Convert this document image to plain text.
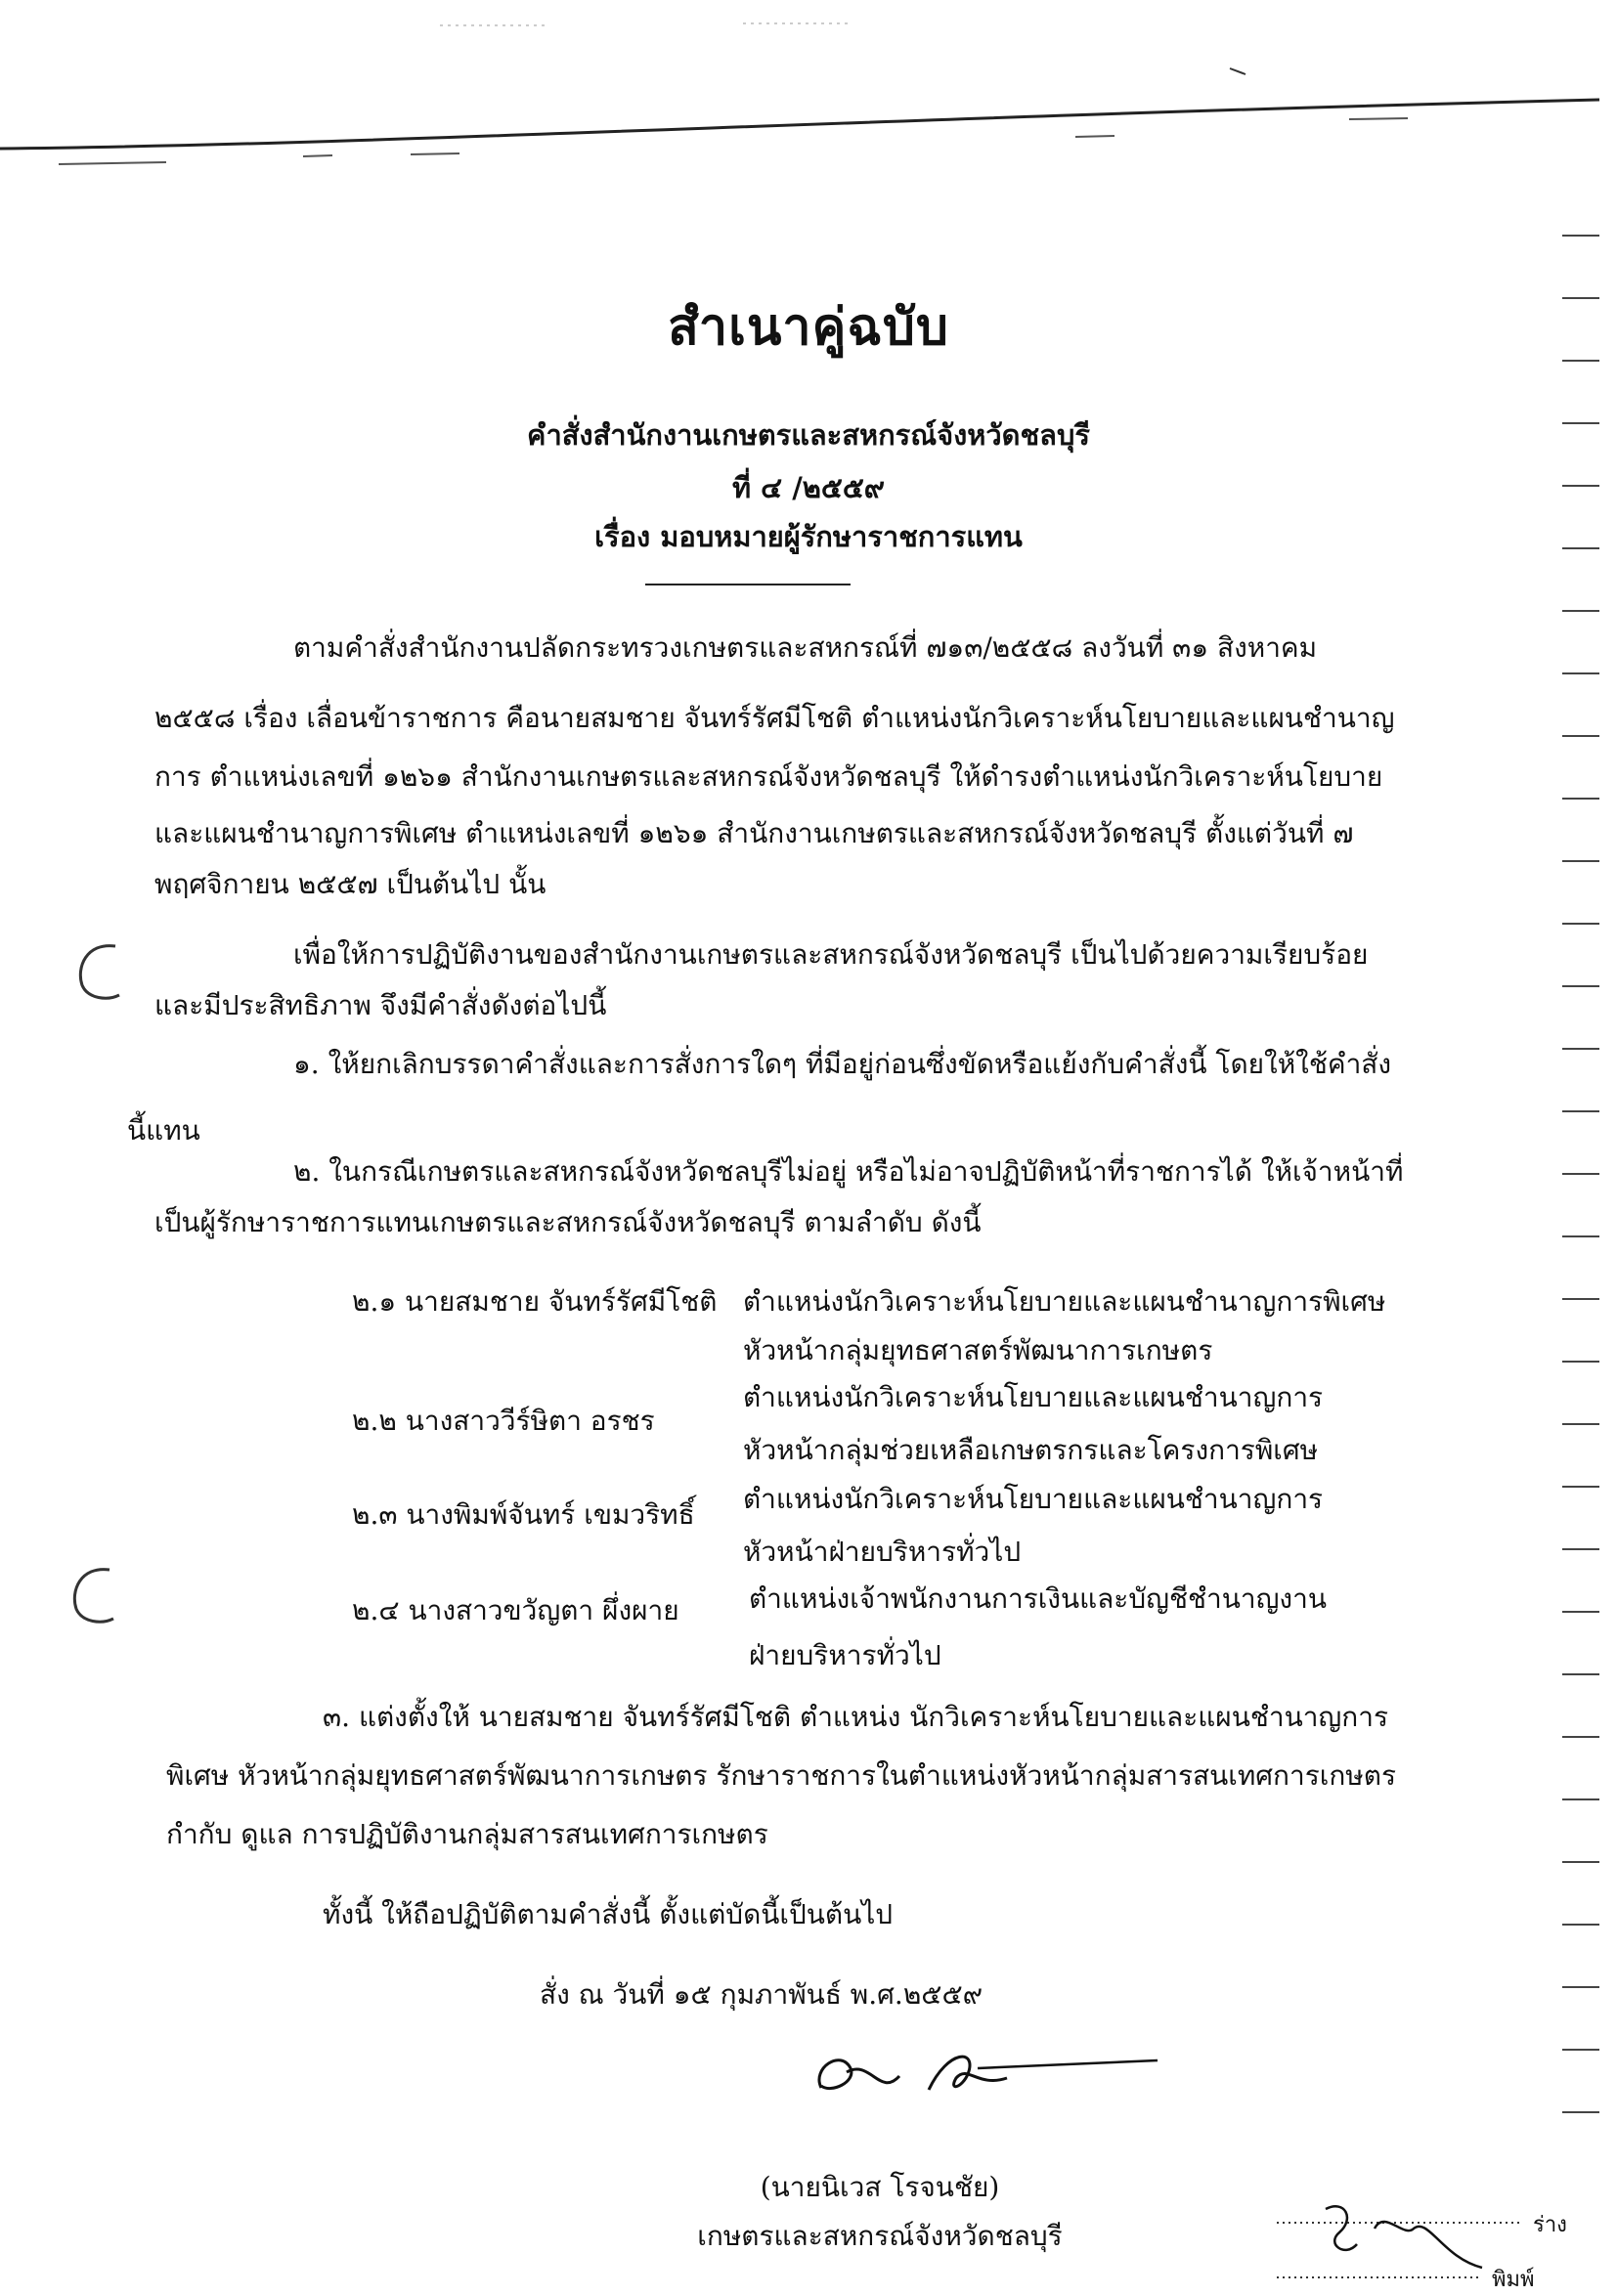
สำเนาคู่ฉบับ
คำสั่งสำนักงานเกษตรและสหกรณ์จังหวัดชลบุรี
ที่ ๔ /๒๕๕๙
เรื่อง มอบหมายผู้รักษาราชการแทน
ตามคำสั่งสำนักงานปลัดกระทรวงเกษตรและสหกรณ์ที่ ๗๑๓/๒๕๕๘ ลงวันที่ ๓๑ สิงหาคม
๒๕๕๘ เรื่อง เลื่อนข้าราชการ คือนายสมชาย จันทร์รัศมีโชติ ตำแหน่งนักวิเคราะห์นโยบายและแผนชำนาญ
การ ตำแหน่งเลขที่ ๑๒๖๑ สำนักงานเกษตรและสหกรณ์จังหวัดชลบุรี ให้ดำรงตำแหน่งนักวิเคราะห์นโยบาย
และแผนชำนาญการพิเศษ ตำแหน่งเลขที่ ๑๒๖๑ สำนักงานเกษตรและสหกรณ์จังหวัดชลบุรี ตั้งแต่วันที่ ๗
พฤศจิกายน ๒๕๕๗ เป็นต้นไป นั้น
เพื่อให้การปฏิบัติงานของสำนักงานเกษตรและสหกรณ์จังหวัดชลบุรี เป็นไปด้วยความเรียบร้อย
และมีประสิทธิภาพ จึงมีคำสั่งดังต่อไปนี้
๑. ให้ยกเลิกบรรดาคำสั่งและการสั่งการใดๆ ที่มีอยู่ก่อนซึ่งขัดหรือแย้งกับคำสั่งนี้ โดยให้ใช้คำสั่ง
นี้แทน
๒. ในกรณีเกษตรและสหกรณ์จังหวัดชลบุรีไม่อยู่ หรือไม่อาจปฏิบัติหน้าที่ราชการได้ ให้เจ้าหน้าที่
เป็นผู้รักษาราชการแทนเกษตรและสหกรณ์จังหวัดชลบุรี ตามลำดับ ดังนี้
๒.๑ นายสมชาย จันทร์รัศมีโชติ ตำแหน่งนักวิเคราะห์นโยบายและแผนชำนาญการพิเศษ
หัวหน้ากลุ่มยุทธศาสตร์พัฒนาการเกษตร
๒.๒ นางสาววีร์ษิตา อรชร
ตำแหน่งนักวิเคราะห์นโยบายและแผนชำนาญการ
หัวหน้ากลุ่มช่วยเหลือเกษตรกรและโครงการพิเศษ
๒.๓ นางพิมพ์จันทร์ เขมวริทธิ์ ตำแหน่งนักวิเคราะห์นโยบายและแผนชำนาญการ
หัวหน้าฝ่ายบริหารทั่วไป
๒.๔ นางสาวขวัญตา ผึ่งผาย	ตำแหน่งเจ้าพนักงานการเงินและบัญชีชำนาญงาน
ฝ่ายบริหารทั่วไป
๓. แต่งตั้งให้ นายสมชาย จันทร์รัศมีโชติ ตำแหน่ง นักวิเคราะห์นโยบายและแผนชำนาญการ
พิเศษ หัวหน้ากลุ่มยุทธศาสตร์พัฒนาการเกษตร รักษาราชการในตำแหน่งหัวหน้ากลุ่มสารสนเทศการเกษตร
กำกับ ดูแล การปฏิบัติงานกลุ่มสารสนเทศการเกษตร
ทั้งนี้ ให้ถือปฏิบัติตามคำสั่งนี้ ตั้งแต่บัดนี้เป็นต้นไป
สั่ง ณ วันที่ ๑๕ กุมภาพันธ์ พ.ศ.๒๕๕๙
(นายนิเวส โรจนชัย)
เกษตรและสหกรณ์จังหวัดชลบุรี	ร่าง
พิมพ์
